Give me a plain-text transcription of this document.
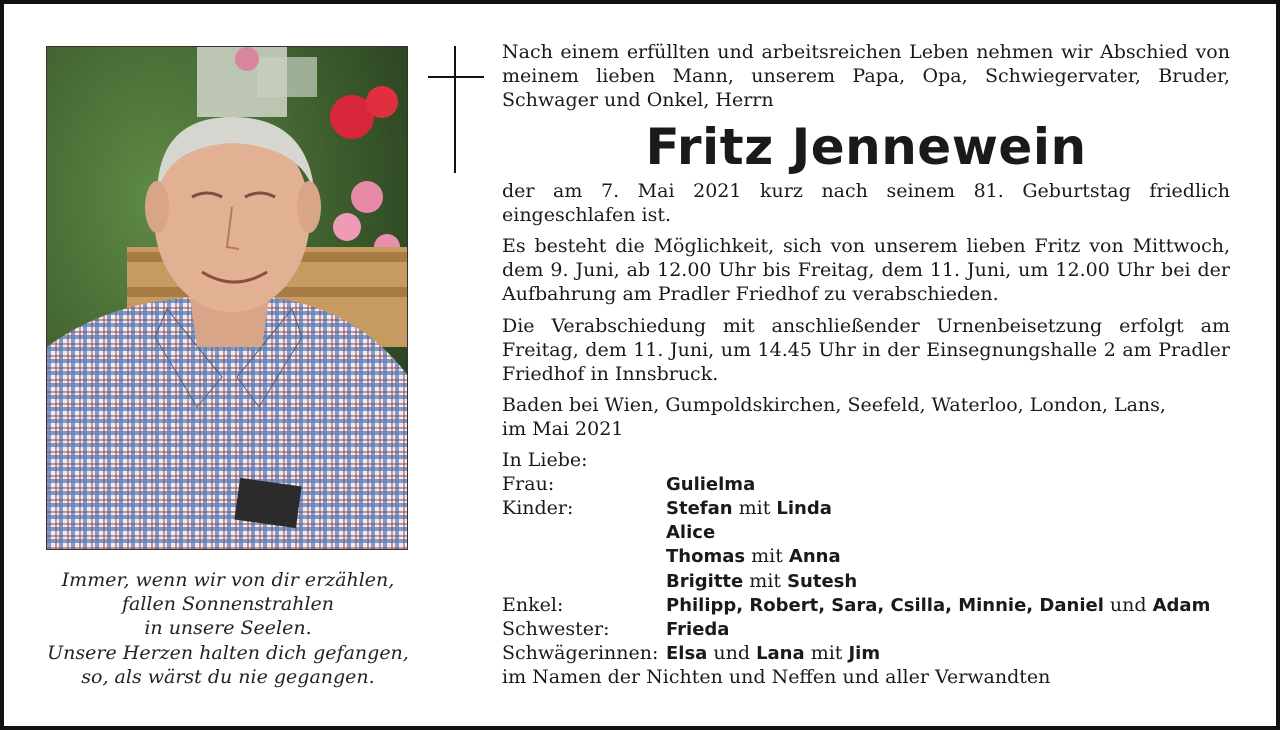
Immer, wenn wir von dir erzählen,
fallen Sonnenstrahlen
in unsere Seelen.
Unsere Herzen halten dich gefangen,
so, als wärst du nie gegangen.

Nach einem erfüllten und arbeitsreichen Leben nehmen wir Abschied von meinem lieben Mann, unserem Papa, Opa, Schwiegervater, Bruder, Schwager und Onkel, Herrn

Fritz Jennewein

der am 7. Mai 2021 kurz nach seinem 81. Geburtstag friedlich eingeschlafen ist.

Es besteht die Möglichkeit, sich von unserem lieben Fritz von Mittwoch, dem 9. Juni, ab 12.00 Uhr bis Freitag, dem 11. Juni, um 12.00 Uhr bei der Aufbahrung am Pradler Friedhof zu verabschieden.

Die Verabschiedung mit anschließender Urnenbeisetzung erfolgt am Freitag, dem 11. Juni, um 14.45 Uhr in der Einsegnungshalle 2 am Pradler Friedhof in Innsbruck.

Baden bei Wien, Gumpoldskirchen, Seefeld, Waterloo, London, Lans,
im Mai 2021
In Liebe:
Frau:	Gulielma
Kinder:	Stefan mit Linda
Alice
Thomas mit Anna
Brigitte mit Sutesh
Enkel:	Philipp, Robert, Sara, Csilla, Minnie, Daniel und Adam
Schwester:	Frieda
Schwägerinnen: Elsa und Lana mit Jim
im Namen der Nichten und Neffen und aller Verwandten
